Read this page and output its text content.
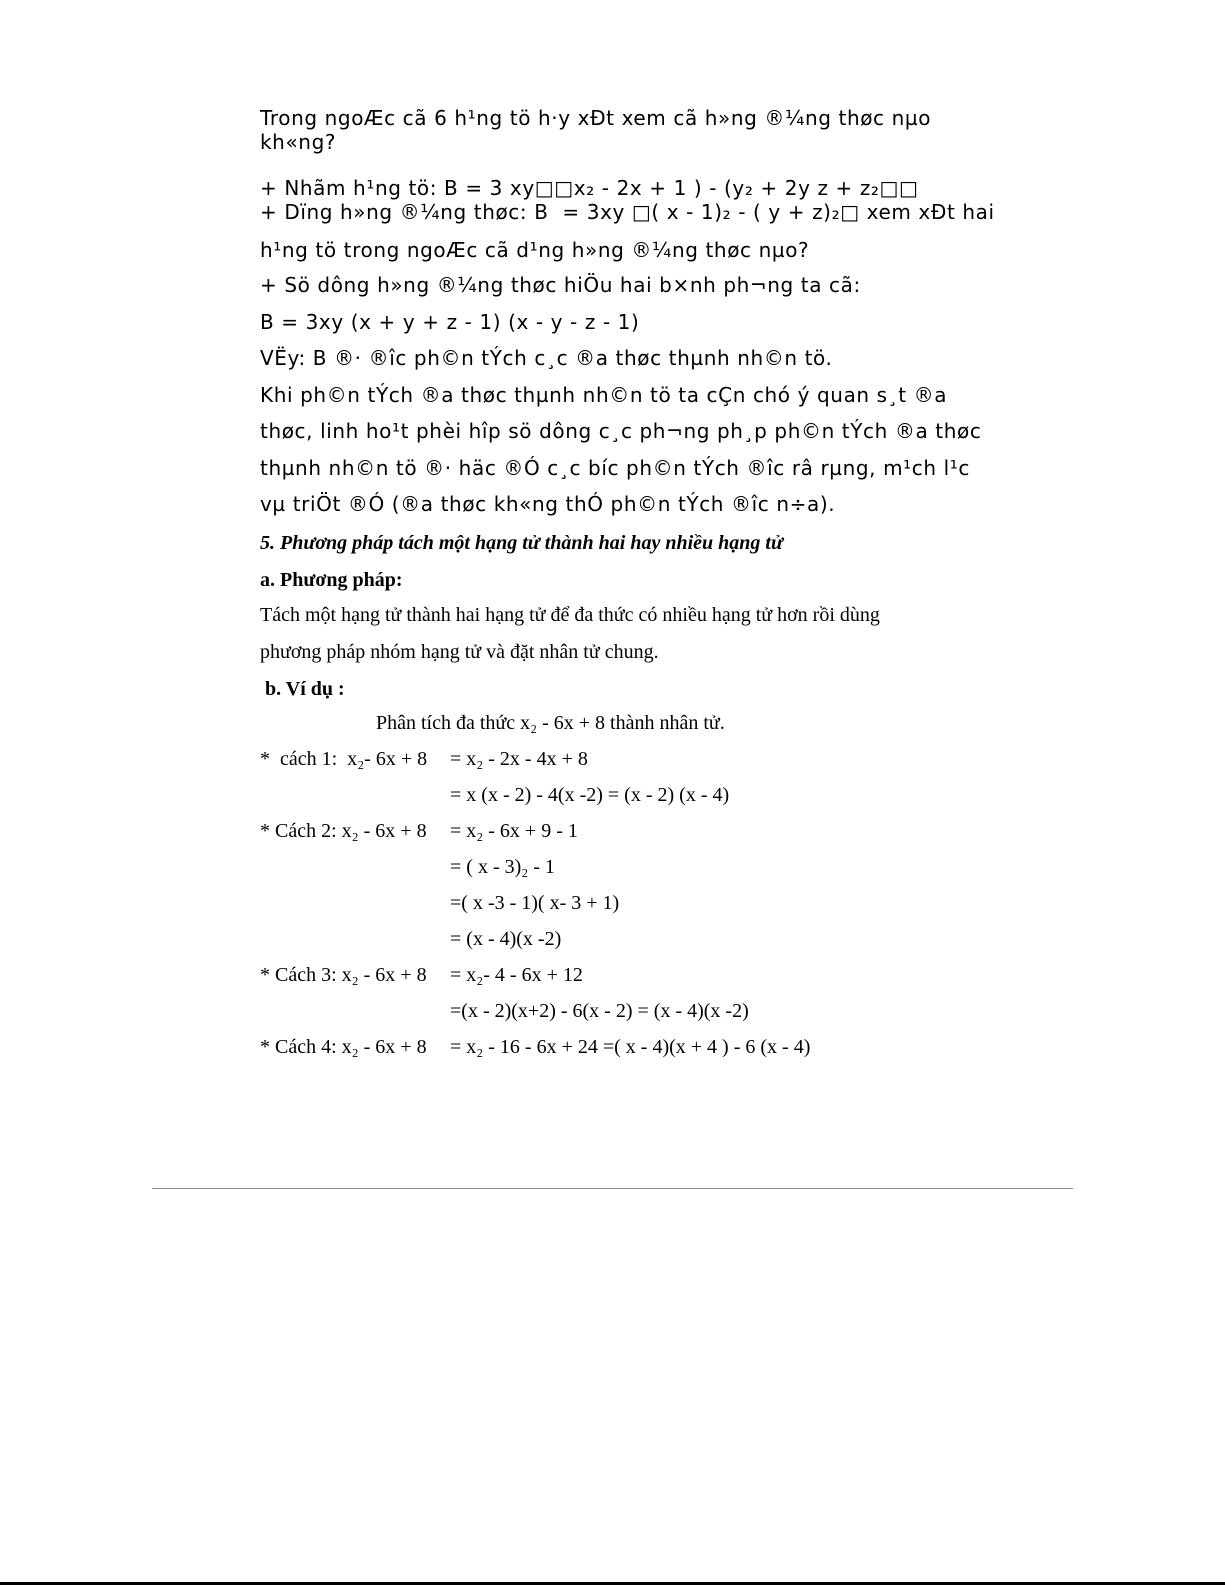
Trong ngoÆc cã 6 h¹ng tö h·y xÐt xem cã h»ng ®¼ng thøc nµo
kh«ng?
+ Nhãm h¹ng tö: B = 3 xy□□x₂ - 2x + 1 ) - (y₂ + 2y z + z₂□□
+ Dïng h»ng ®¼ng thøc: B  = 3xy □( x - 1)₂ - ( y + z)₂□ xem xÐt hai
h¹ng tö trong ngoÆc cã d¹ng h»ng ®¼ng thøc nµo?
+ Sö dông h»ng ®¼ng thøc hiÖu hai b×nh ph¬ng ta cã:
B = 3xy (x + y + z - 1) (x - y - z - 1)
VËy: B ®· ®îc ph©n tÝch c¸c ®a thøc thµnh nh©n tö.
Khi ph©n tÝch ®a thøc thµnh nh©n tö ta cÇn chó ý quan s¸t ®a
thøc, linh ho¹t phèi hîp sö dông c¸c ph¬ng ph¸p ph©n tÝch ®a thøc
thµnh nh©n tö ®· häc ®Ó c¸c bíc ph©n tÝch ®îc râ rµng, m¹ch l¹c
vµ triÖt ®Ó (®a thøc kh«ng thÓ ph©n tÝch ®îc n÷a).
5. Phương pháp tách một hạng tử thành hai hay nhiều hạng tử
a. Phương pháp:
Tách một hạng tử thành hai hạng tử để đa thức có nhiều hạng tử hơn rồi dùng
phương pháp nhóm hạng tử và đặt nhân tử chung.
b. Ví dụ :
Phân tích đa thức x₂ - 6x + 8 thành nhân tử.
*  cách 1:  x₂- 6x + 8 = x₂ - 2x - 4x + 8
= x (x - 2) - 4(x -2) = (x - 2) (x - 4)
* Cách 2: x₂ - 6x + 8 = x₂ - 6x + 9 - 1
= ( x - 3)₂ - 1
=( x -3 - 1)( x- 3 + 1)
= (x - 4)(x -2)
* Cách 3: x₂ - 6x + 8 = x₂- 4 - 6x + 12
=(x - 2)(x+2) - 6(x - 2) = (x - 4)(x -2)
* Cách 4: x₂ - 6x + 8 = x₂ - 16 - 6x + 24 =( x - 4)(x + 4 ) - 6 (x - 4)
